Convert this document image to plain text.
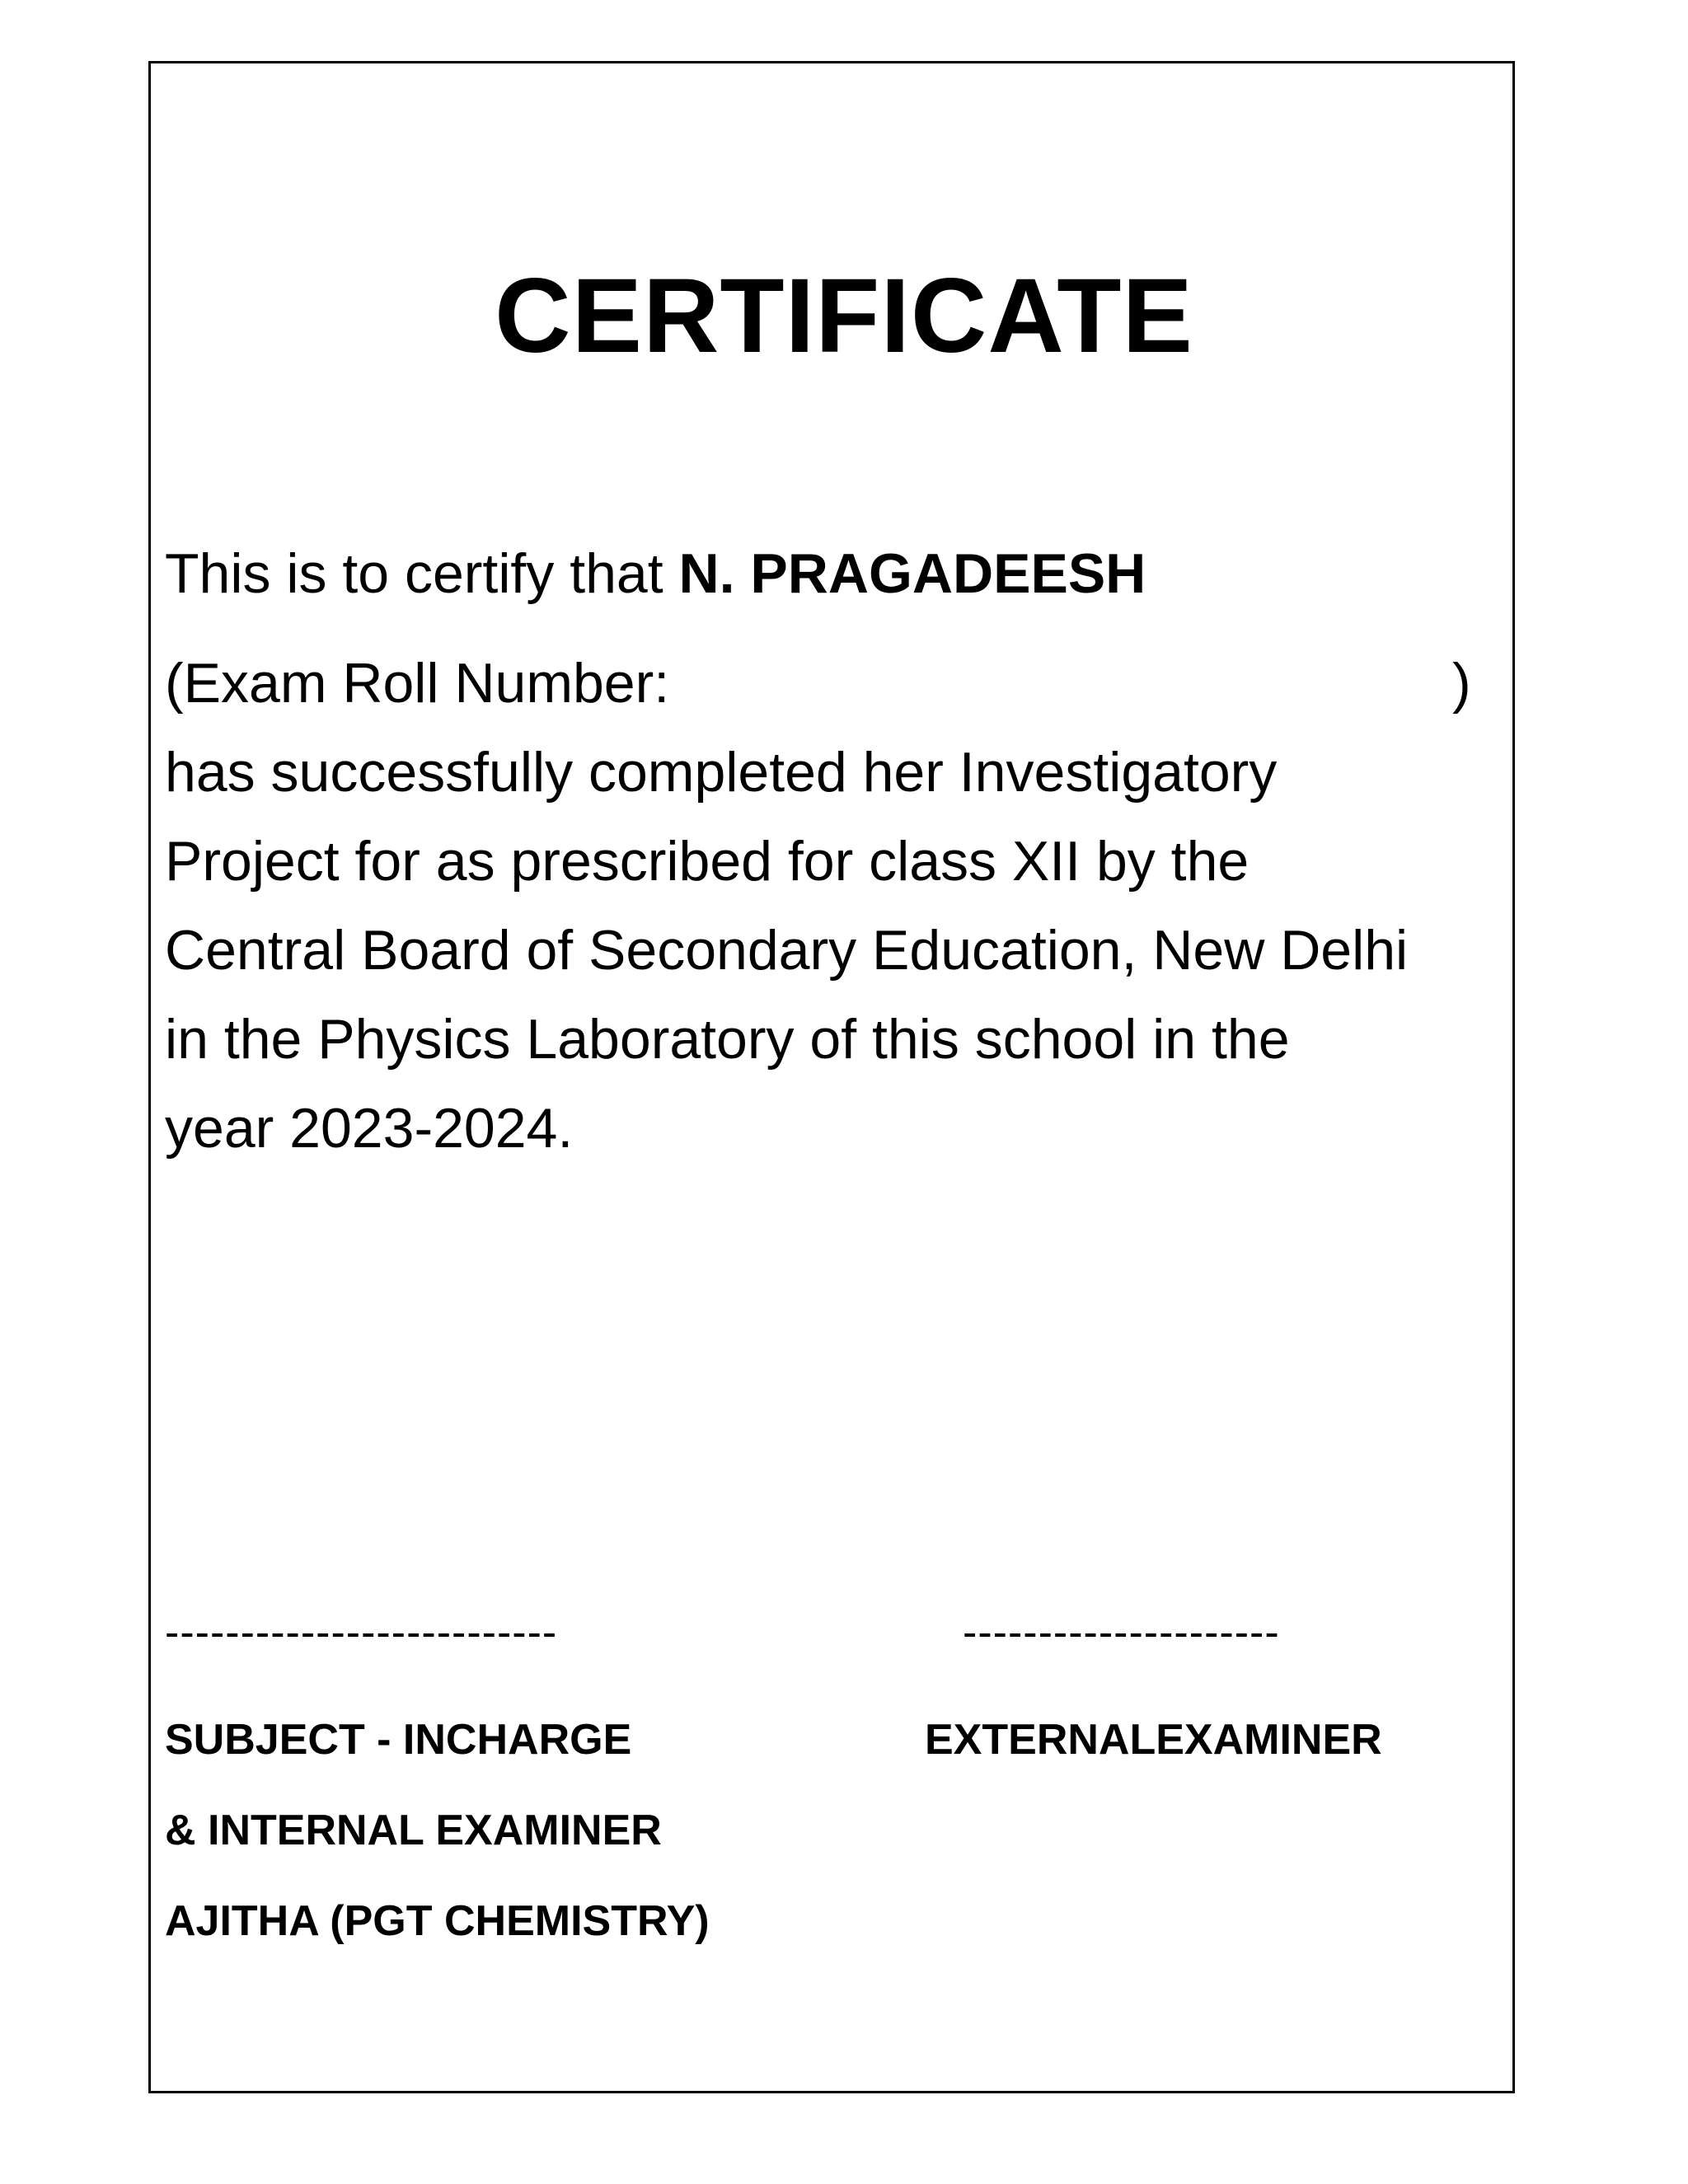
CERTIFICATE
This is to certify that N. PRAGADEESH
(Exam Roll Number:	)
has successfully completed her Investigatory
Project for as prescribed for class XII by the
Central Board of Secondary Education, New Delhi
in the Physics Laboratory of this school in the
year 2023-2024.
--------------------------	---------------------
SUBJECT - INCHARGE	EXTERNALEXAMINER
& INTERNAL EXAMINER
AJITHA (PGT CHEMISTRY)
